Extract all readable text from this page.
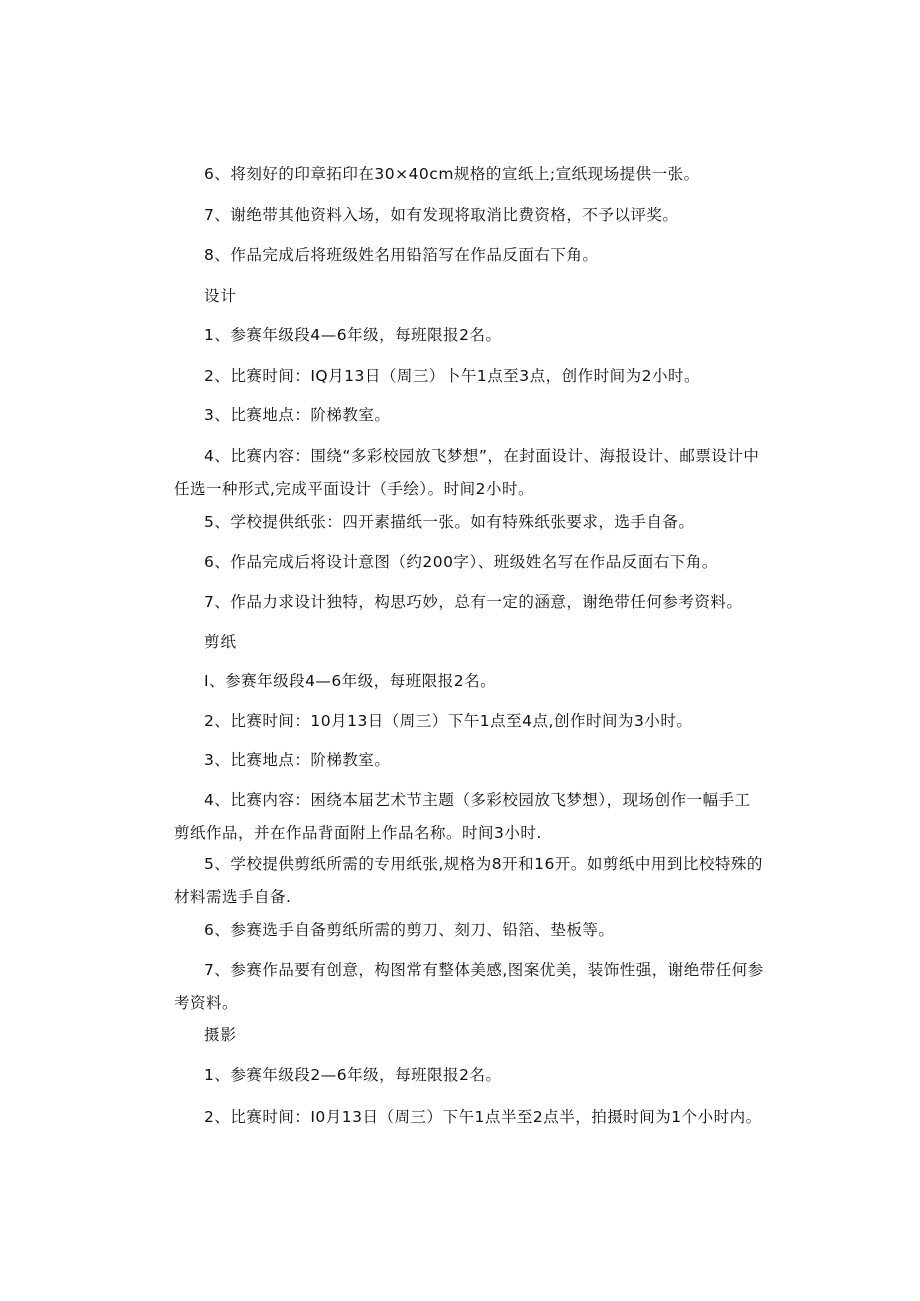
6、将刻好的印章拓印在30×40cm规格的宣纸上;宣纸现场提供一张。

7、谢绝带其他资料入场，如有发现将取消比费资格，不予以评奖。

8、作品完成后将班级姓名用铅箔写在作品反面右下角。

设计

1、参赛年级段4—6年级，每班限报2名。

2、比赛时间：IQ月13日（周三）卜午1点至3点，创作时间为2小时。

3、比赛地点：阶梯教室。

4、比赛内容：围绕“多彩校园放飞梦想”，在封面设计、海报设计、邮票设计中任选一种形式,完成平面设计（手绘）。时间2小时。

5、学校提供纸张：四开素描纸一张。如有特殊纸张要求，选手自备。

6、作品完成后将设计意图（约200字）、班级姓名写在作品反面右下角。

7、作品力求设计独特，构思巧妙，总有一定的涵意，谢绝带任何参考资料。

剪纸

I、参赛年级段4—6年级，每班限报2名。

2、比赛时间：10月13日（周三）下午1点至4点,创作时间为3小时。

3、比赛地点：阶梯教室。

4、比赛内容：困绕本届艺术节主题（多彩校园放飞梦想），现场创作一幅手工剪纸作品，并在作品背面附上作品名称。时间3小时.

5、学校提供剪纸所需的专用纸张,规格为8开和16开。如剪纸中用到比校特殊的材料需选手自备.

6、参赛选手自备剪纸所需的剪刀、刻刀、铅箔、垫板等。

7、参赛作品要有创意，构图常有整体美感,图案优美，装饰性强，谢绝带任何参考资料。

摄影

1、参赛年级段2—6年级，每班限报2名。

2、比赛时间：I0月13日（周三）下午1点半至2点半，拍摄时间为1个小时内。
